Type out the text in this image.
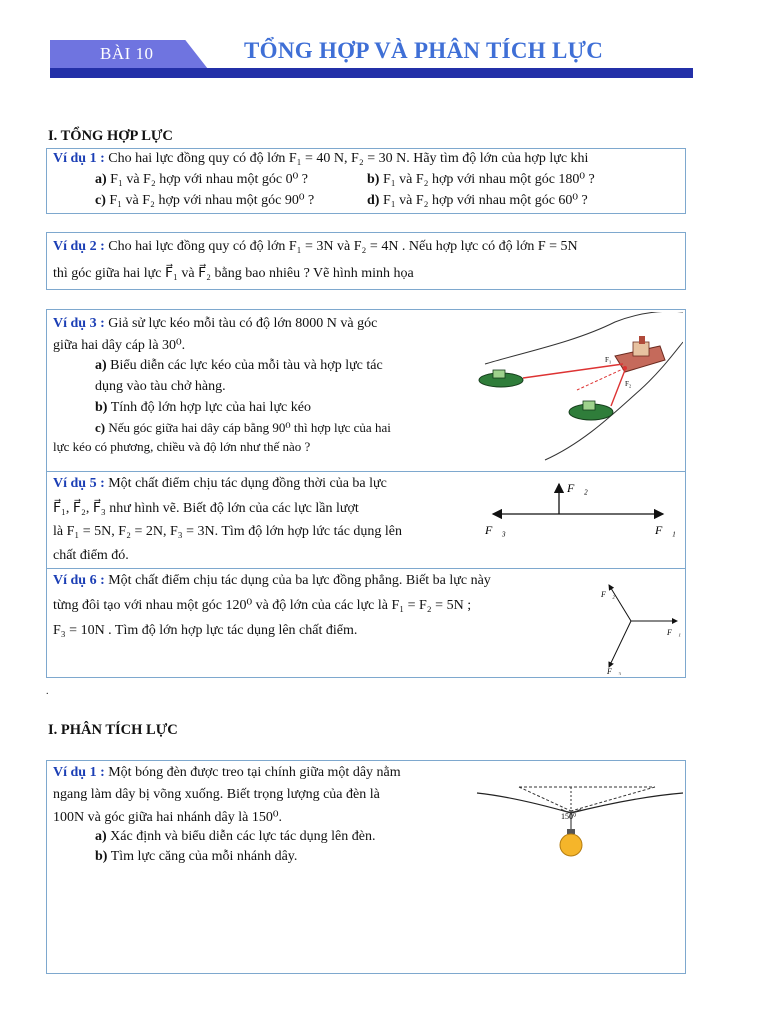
BÀI 10	TỔNG HỢP VÀ PHÂN TÍCH LỰC
I. TỔNG HỢP LỰC
Ví dụ 1 : Cho hai lực đồng quy có độ lớn F₁ = 40 N, F₂ = 30 N. Hãy tìm độ lớn của hợp lực khi
a) F₁ và F₂ hợp với nhau một góc 0⁰ ?	b) F₁ và F₂ hợp với nhau một góc 180⁰ ?
c) F₁ và F₂ hợp với nhau một góc 90⁰ ?	d) F₁ và F₂ hợp với nhau một góc 60⁰ ?
Ví dụ 2 : Cho hai lực đồng quy có độ lớn F₁ = 3N và F₂ = 4N . Nếu hợp lực có độ lớn F = 5N
thì góc giữa hai lực F⃗₁ và F⃗₂ bằng bao nhiêu ? Vẽ hình minh họa
Ví dụ 3 : Giả sử lực kéo mỗi tàu có độ lớn 8000 N và góc
giữa hai dây cáp là 30⁰.
a) Biểu diễn các lực kéo của mỗi tàu và hợp lực tác
dụng vào tàu chở hàng.
b) Tính độ lớn hợp lực của hai lực kéo
c) Nếu góc giữa hai dây cáp bằng 90⁰ thì hợp lực của hai
lực kéo có phương, chiều và độ lớn như thế nào ?
F₁
F₂
Ví dụ 5 : Một chất điểm chịu tác dụng đồng thời của ba lực
F⃗₁, F⃗₂, F⃗₃ như hình vẽ. Biết độ lớn của các lực lần lượt
là F₁ = 5N, F₂ = 2N, F₃ = 3N. Tìm độ lớn hợp lức tác dụng lên
chất điểm đó.
F⃗₂
F⃗₃	F⃗₁
Ví dụ 6 : Một chất điểm chịu tác dụng của ba lực đồng phẳng. Biết ba lực này
từng đôi tạo với nhau một góc 120⁰ và độ lớn của các lực là F₁ = F₂ = 5N ;
F₃ = 10N . Tìm độ lớn hợp lực tác dụng lên chất điểm.
F⃗₂
F⃗₁
F⃗₃
.
I. PHÂN TÍCH LỰC
Ví dụ 1 : Một bóng đèn được treo tại chính giữa một dây nằm
ngang làm dây bị võng xuống. Biết trọng lượng của đèn là
100N và góc giữa hai nhánh dây là 150⁰.
a) Xác định và biểu diễn các lực tác dụng lên đèn.
b) Tìm lực căng của mỗi nhánh dây.
150⁰
